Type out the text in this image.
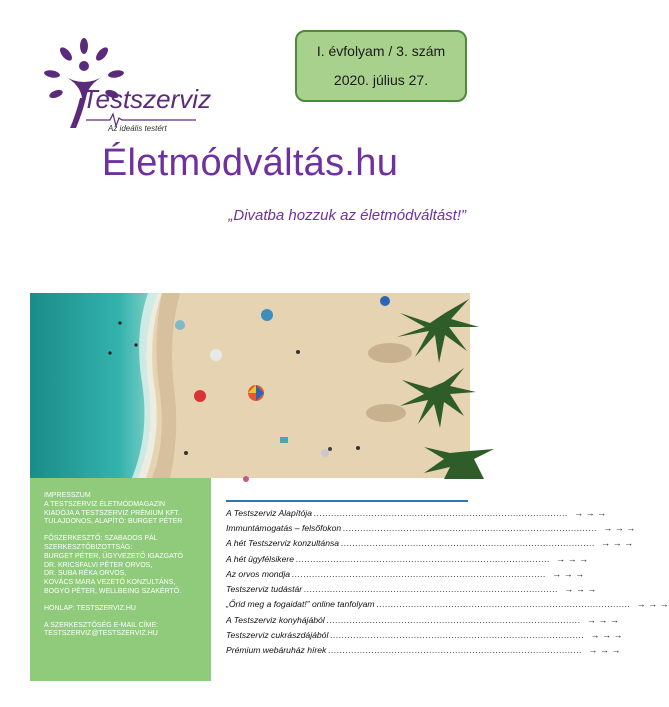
Testszerviz
Az ideális testért
I. évfolyam / 3. szám
2020. július 27.
Életmódváltás.hu
„Divatba hozzuk az életmódváltást!”

IMPRESSZUM
A TESTSZERVIZ ÉLETMÓDMAGAZIN
KIADÓJA A TESTSZERVIZ PRÉMIUM KFT.
TULAJDONOS, ALAPÍTÓ: BURGET PÉTER

FŐSZERKESZTŐ: SZABADOS PÁL
SZERKESZTŐBIZOTTSÁG:
BURGET PÉTER, ÜGYVEZETŐ IGAZGATÓ
DR. KRICSFALVI PÉTER ORVOS,
DR. SUBA RÉKA ORVOS,
KOVÁCS MARA VEZETŐ KONZULTÁNS,
BOGYÓ PÉTER, WELLBEING SZAKÉRTŐ.

HONLAP: TESTSZERVIZ.HU

A SZERKESZTŐSÉG E-MAIL CÍME:
TESTSZERVIZ@TESTSZERVIZ.HU

A Testszerviz Alapítója ........................................................................................ → → →
Immuntámogatás – felsőfokon ........................................................................................ → → →
A hét Testszerviz konzultánsa ........................................................................................ → → →
A hét ügyfélsikere ........................................................................................ → → →
Az orvos mondja ........................................................................................ → → →
Testszerviz tudástár ........................................................................................ → → →
„Őrid meg a fogaidat!” online tanfolyam ........................................................................................ → → →
A Testszerviz konyhájából ........................................................................................ → → →
Testszerviz cukrászdájából ........................................................................................ → → →
Prémium webáruház hírek ........................................................................................ → → →
